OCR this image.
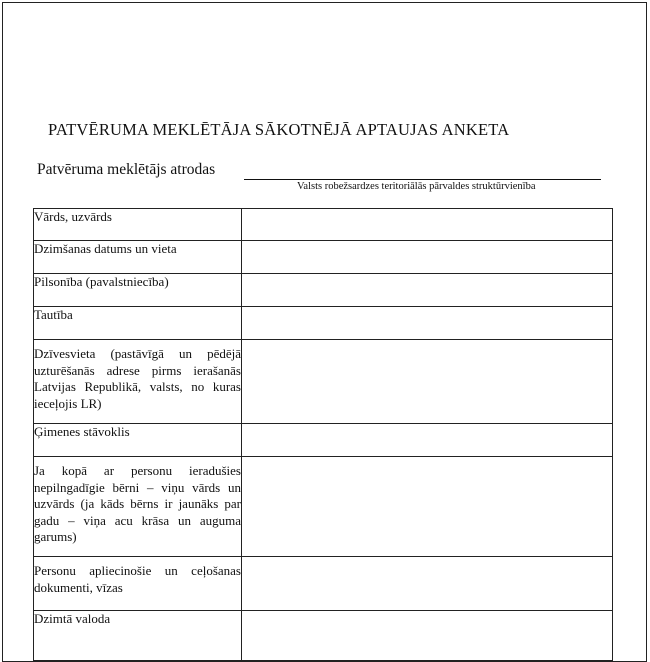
PATVĒRUMA MEKLĒTĀJA SĀKOTNĒJĀ APTAUJAS ANKETA
Patvēruma meklētājs atrodas
Valsts robežsardzes teritoriālās pārvaldes struktūrvienība
Vārds, uzvārds	
Dzimšanas datums un vieta	
Pilsonība (pavalstniecība)	
Tautība	
Dzīvesvieta (pastāvīgā un pēdējā uzturēšanās adrese pirms ierašanās Latvijas Republikā, valsts, no kuras ieceļojis LR)	
Ģimenes stāvoklis	
Ja kopā ar personu ieradušies nepilngadīgie bērni – viņu vārds un uzvārds (ja kāds bērns ir jaunāks par gadu – viņa acu krāsa un auguma garums)	
Personu apliecinošie un ceļošanas dokumenti, vīzas	
Dzimtā valoda	
